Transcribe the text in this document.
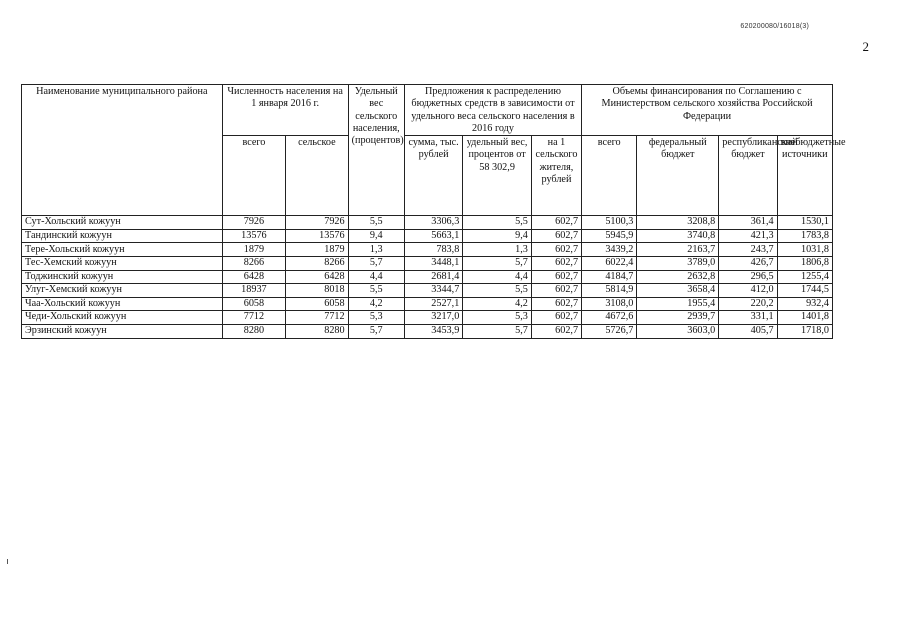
620200080/16018(3)
2
Наименование муниципального района	Численность населения на 1 января 2016 г.		Удельный вес сельского населения, (процентов)	Предложения к распределению бюджетных средств в зависимости от удельного веса сельского населения в 2016 году			Объемы финансирования по Соглашению с Министерством сельского хозяйства Российской Федерации			
	всего	сельское		сумма, тыс. рублей	удельный вес, процентов от 58 302,9	на 1 сельского жителя, рублей	всего	федеральный бюджет	республиканский бюджет	внебюджетные источники
Сут-Хольский кожуун	7926	7926	5,5	3306,3	5,5	602,7	5100,3	3208,8	361,4	1530,1
Тандинский кожуун	13576	13576	9,4	5663,1	9,4	602,7	5945,9	3740,8	421,3	1783,8
Тере-Хольский кожуун	1879	1879	1,3	783,8	1,3	602,7	3439,2	2163,7	243,7	1031,8
Тес-Хемский кожуун	8266	8266	5,7	3448,1	5,7	602,7	6022,4	3789,0	426,7	1806,8
Тоджинский кожуун	6428	6428	4,4	2681,4	4,4	602,7	4184,7	2632,8	296,5	1255,4
Улуг-Хемский кожуун	18937	8018	5,5	3344,7	5,5	602,7	5814,9	3658,4	412,0	1744,5
Чаа-Хольский кожуун	6058	6058	4,2	2527,1	4,2	602,7	3108,0	1955,4	220,2	932,4
Чеди-Хольский кожуун	7712	7712	5,3	3217,0	5,3	602,7	4672,6	2939,7	331,1	1401,8
Эрзинский кожуун	8280	8280	5,7	3453,9	5,7	602,7	5726,7	3603,0	405,7	1718,0
